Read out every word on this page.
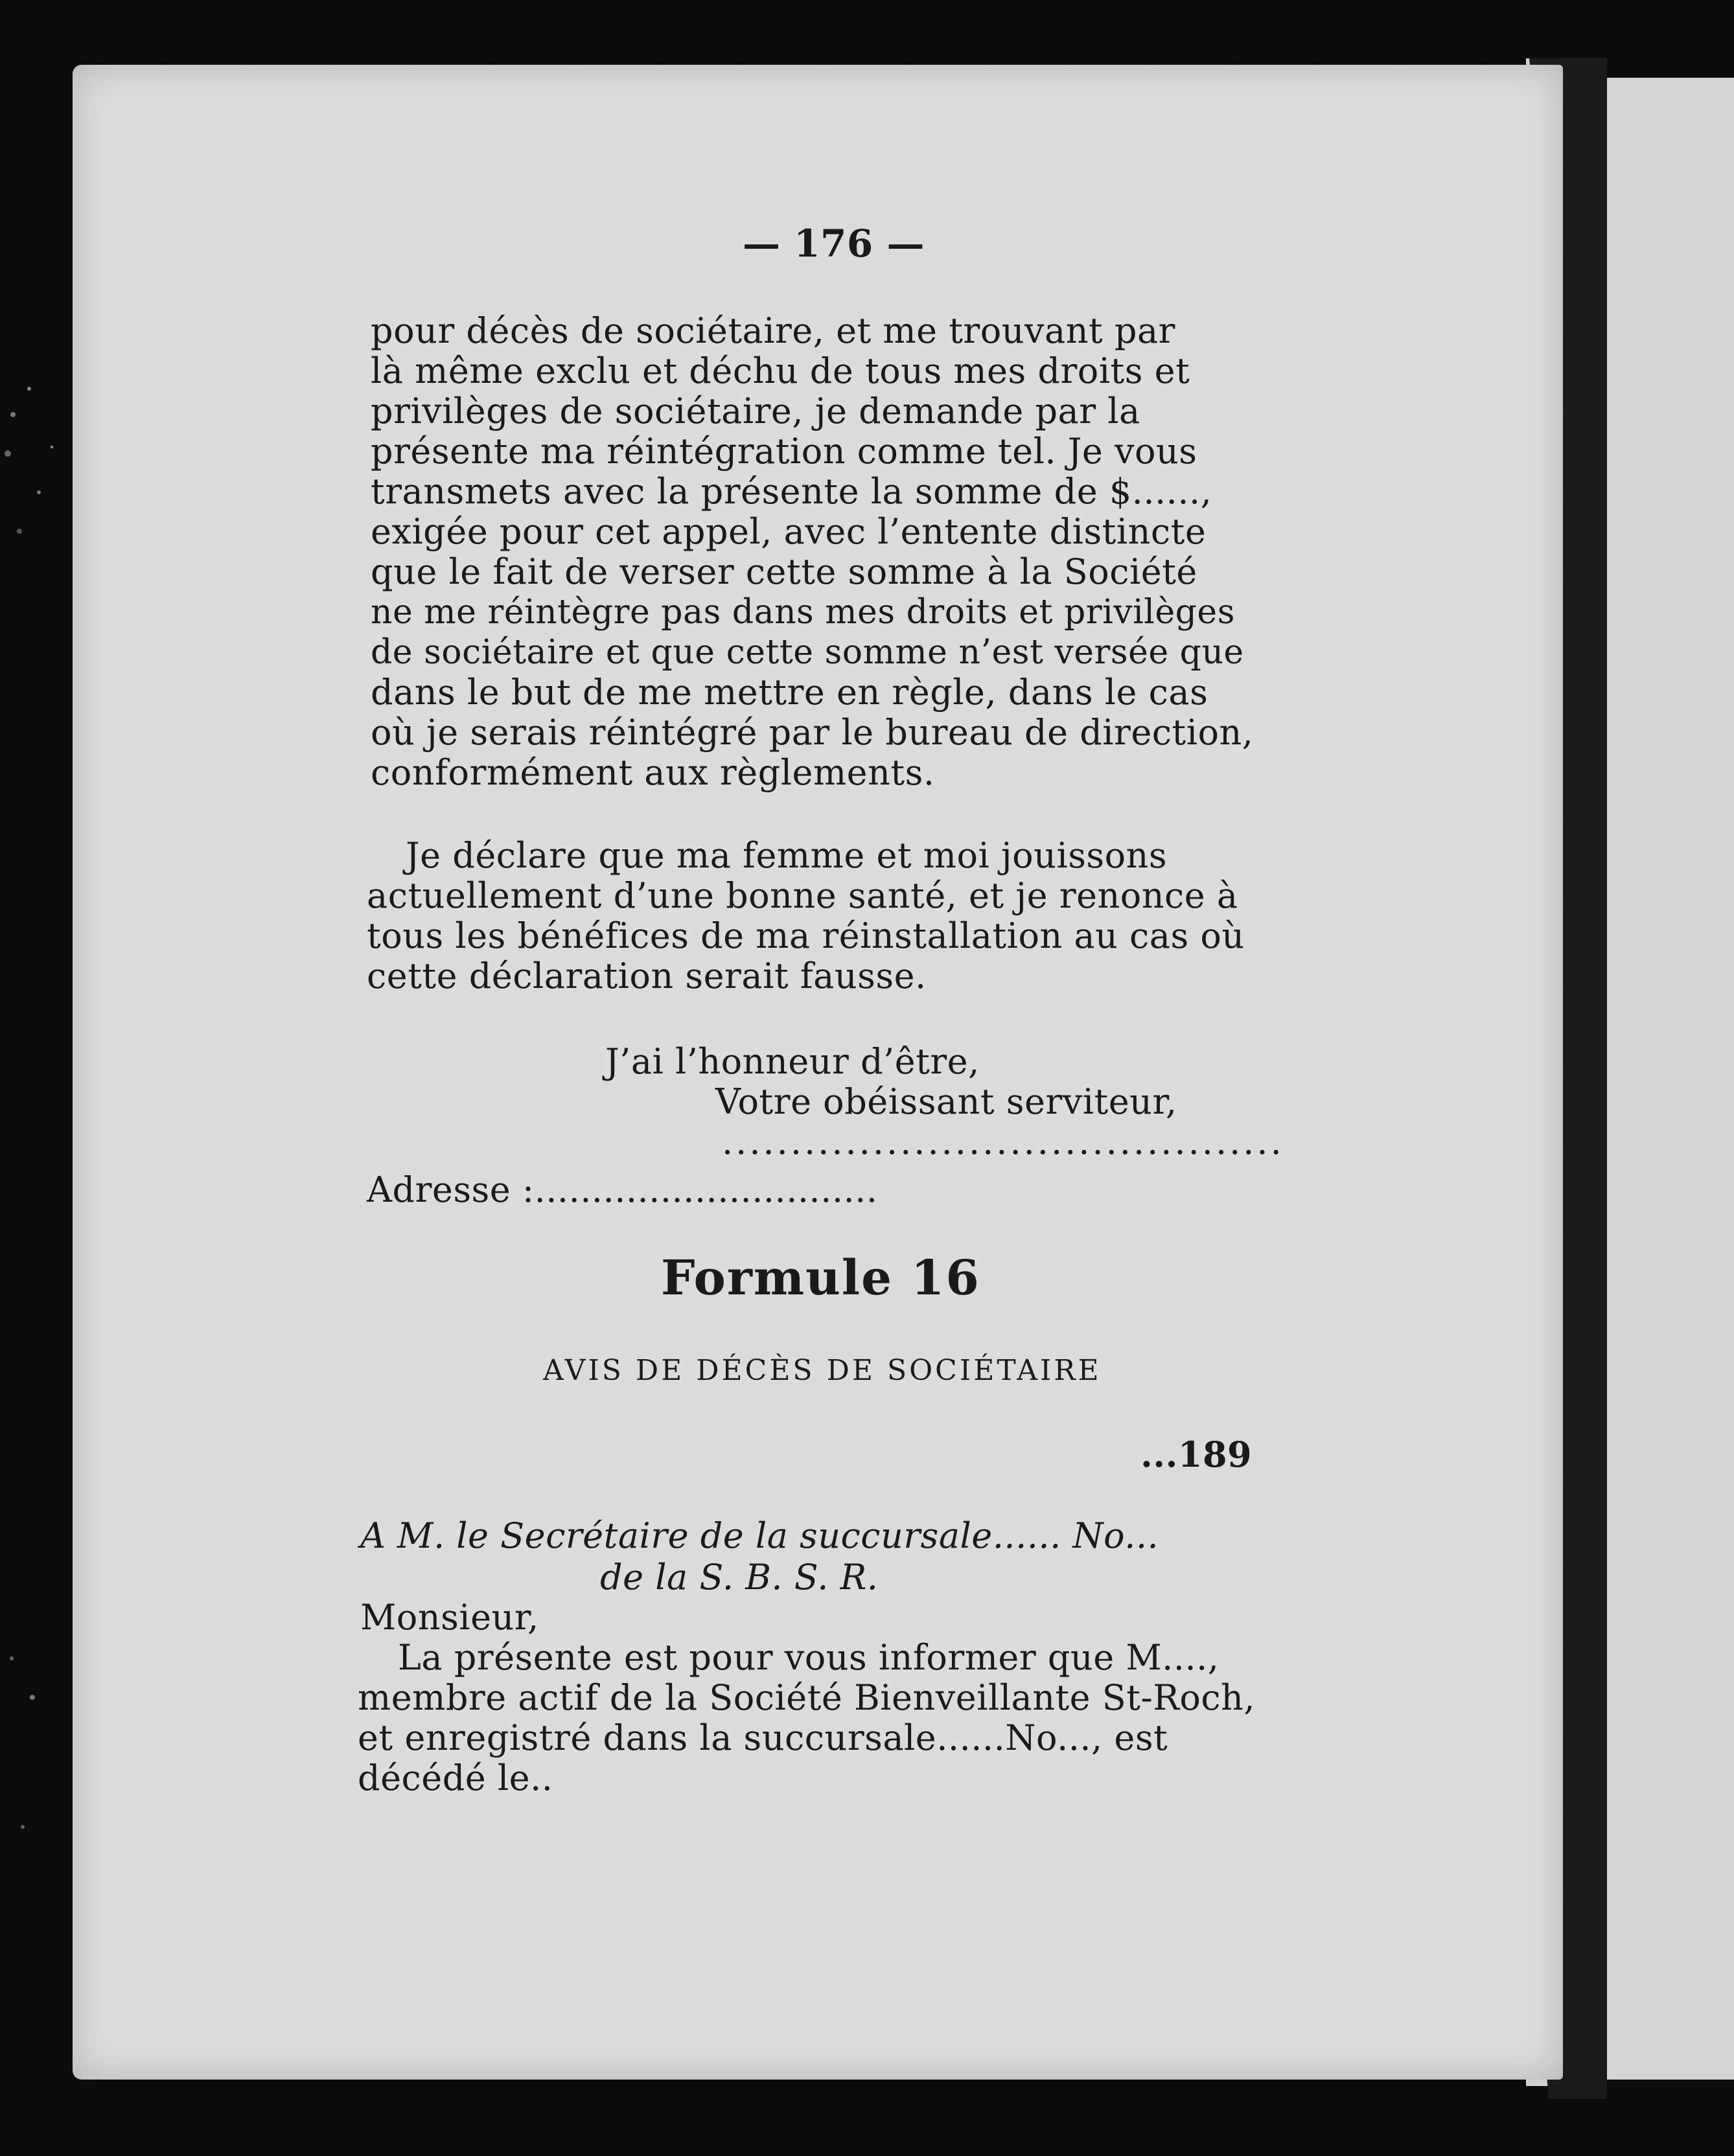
— 176 —
pour décès de sociétaire, et me trouvant par
là même exclu et déchu de tous mes droits et
privilèges de sociétaire, je demande par la
présente ma réintégration comme tel. Je vous
transmets avec la présente la somme de $......,
exigée pour cet appel, avec l’entente distincte
que le fait de verser cette somme à la Société
ne me réintègre pas dans mes droits et privilèges
de sociétaire et que cette somme n’est versée que
dans le but de me mettre en règle, dans le cas
où je serais réintégré par le bureau de direction,
conformément aux règlements.
Je déclare que ma femme et moi jouissons
actuellement d’une bonne santé, et je renonce à
tous les bénéfices de ma réinstallation au cas où
cette déclaration serait fausse.
J’ai l’honneur d’être,
Votre obéissant serviteur,
.........................................
Adresse :..............................
Formule 16
AVIS DE DÉCÈS DE SOCIÉTAIRE
...189
A M. le Secrétaire de la succursale...... No...
de la S. B. S. R.
Monsieur,
La présente est pour vous informer que M....,
membre actif de la Société Bienveillante St-Roch,
et enregistré dans la succursale......No..., est
décédé le..
